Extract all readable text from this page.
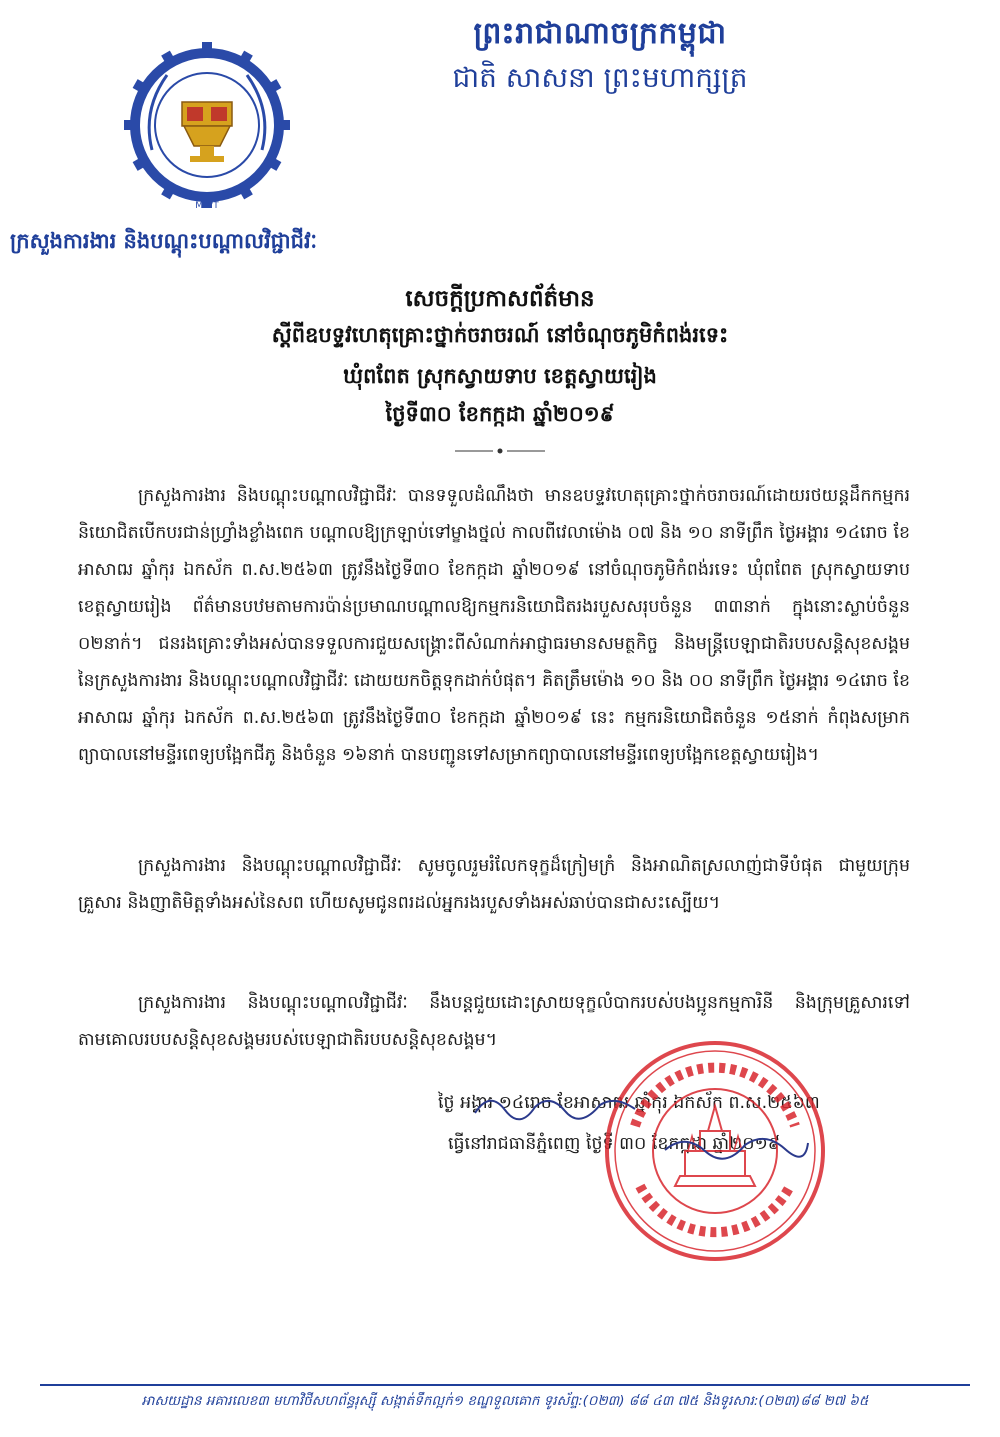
MLVT
ព្រះរាជាណាចក្រកម្ពុជា
ជាតិ សាសនា ព្រះមហាក្សត្រ
ក្រសួងការងារ និងបណ្តុះបណ្តាលវិជ្ជាជីវៈ
សេចក្តីប្រកាសព័ត៌មាន
ស្តីពីឧបទ្ទវហេតុគ្រោះថ្នាក់ចរាចរណ៍ នៅចំណុចភូមិកំពង់រទេះ
ឃុំពពែត ស្រុកស្វាយទាប ខេត្តស្វាយរៀង
ថ្ងៃទី៣០ ខែកក្កដា ឆ្នាំ២០១៩
ក្រសួងការងារ និងបណ្តុះបណ្តាលវិជ្ជាជីវៈ បានទទួលដំណឹងថា មានឧបទ្ទវហេតុគ្រោះថ្នាក់ចរាចរណ៍ដោយរថយន្តដឹកកម្មករនិយោជិតបើកបរជាន់ហ្វ្រាំងខ្លាំងពេក បណ្តាលឱ្យក្រឡាប់ទៅម្ខាងថ្នល់ កាលពីវេលាម៉ោង ០៧ និង ១០ នាទីព្រឹក ថ្ងៃអង្គារ ១៤រោច ខែអាសាឍ ឆ្នាំកុរ ឯកស័ក ព.ស.២៥៦៣ ត្រូវនឹងថ្ងៃទី៣០ ខែកក្កដា ឆ្នាំ២០១៩ នៅចំណុចភូមិកំពង់រទេះ ឃុំពពែត ស្រុកស្វាយទាប ខេត្តស្វាយរៀង ព័ត៌មានបឋមតាមការប៉ាន់ប្រមាណបណ្តាលឱ្យកម្មករនិយោជិតរងរបួសសរុបចំនួន ៣៣នាក់ ក្នុងនោះស្លាប់ចំនួន ០២នាក់។ ជនរងគ្រោះទាំងអស់បានទទួលការជួយសង្គ្រោះពីសំណាក់អាជ្ញាធរមានសមត្ថកិច្ច និងមន្ត្រីបេឡាជាតិរបបសន្តិសុខសង្គម នៃក្រសួងការងារ និងបណ្តុះបណ្តាលវិជ្ជាជីវៈ ដោយយកចិត្តទុកដាក់បំផុត។ គិតត្រឹមម៉ោង ១០ និង ០០ នាទីព្រឹក ថ្ងៃអង្គារ ១៤រោច ខែអាសាឍ ឆ្នាំកុរ ឯកស័ក ព.ស.២៥៦៣ ត្រូវនឹងថ្ងៃទី៣០ ខែកក្កដា ឆ្នាំ២០១៩ នេះ កម្មករនិយោជិតចំនួន ១៥នាក់ កំពុងសម្រាកព្យាបាលនៅមន្ទីរពេទ្យបង្អែកជីភូ និងចំនួន ១៦នាក់ បានបញ្ជូនទៅសម្រាកព្យាបាលនៅមន្ទីរពេទ្យបង្អែកខេត្តស្វាយរៀង។
ក្រសួងការងារ និងបណ្តុះបណ្តាលវិជ្ជាជីវៈ សូមចូលរួមរំលែកទុក្ខដ៏ក្រៀមក្រំ និងអាណិតស្រលាញ់ជាទីបំផុត ជាមួយក្រុមគ្រួសារ និងញាតិមិត្តទាំងអស់នៃសព ហើយសូមជូនពរដល់អ្នករងរបួសទាំងអស់ឆាប់បានជាសះស្បើយ។
ក្រសួងការងារ និងបណ្តុះបណ្តាលវិជ្ជាជីវៈ នឹងបន្តជួយដោះស្រាយទុក្ខលំបាករបស់បងប្អូនកម្មការិនី និងក្រុមគ្រួសារទៅតាមគោលរបបសន្តិសុខសង្គមរបស់បេឡាជាតិរបបសន្តិសុខសង្គម។
ថ្ងៃ អង្គារ ១៤រោច ខែអាសាឍ ឆ្នាំកុរ ឯកស័ក ព.ស.២៥៦៣
ធ្វើនៅរាជធានីភ្នំពេញ ថ្ងៃទី ៣០ ខែកក្កដា ឆ្នាំ២០១៩
អាសយដ្ឋាន អគារលេខ៣ មហាវិថីសហព័ន្ធរុស្ស៊ី សង្កាត់ទឹកល្អក់១ ខណ្ឌទួលគោក ទូរស័ព្ទ:(០២៣) ៨៨ ៤៣ ៧៥ និងទូរសារ:(០២៣)៨៨ ២៧ ៦៥
